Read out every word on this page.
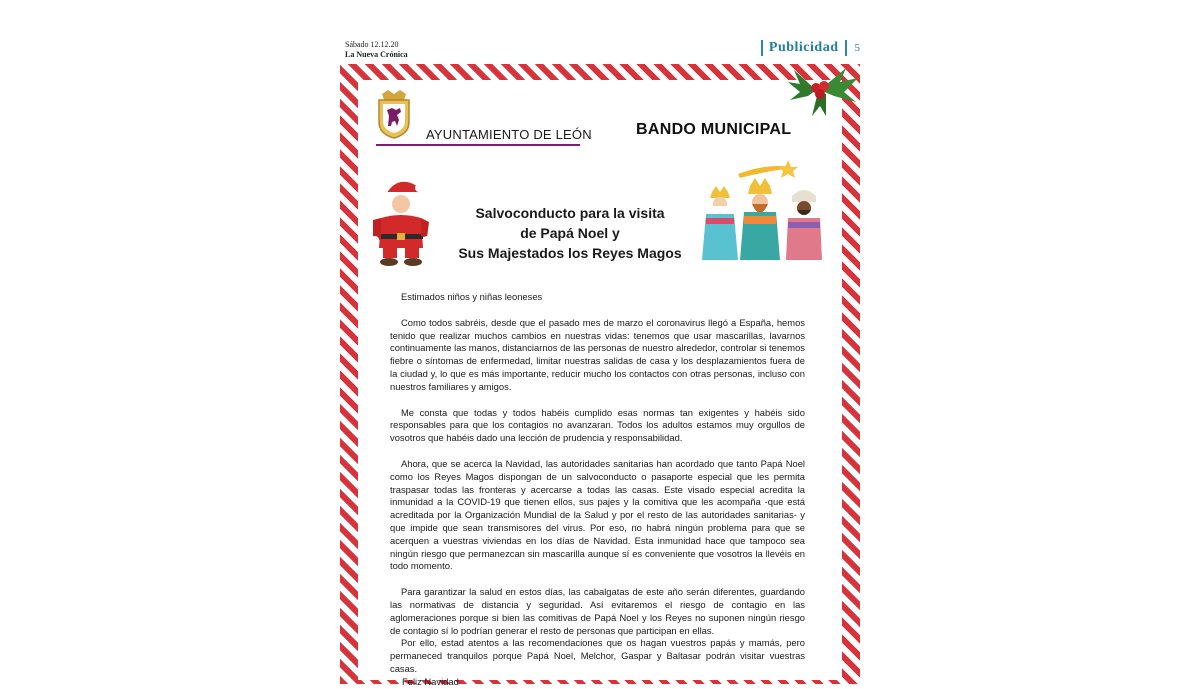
Sábado 12.12.20
La Nueva Crónica	Publicidad 5
AYUNTAMIENTO DE LEÓN	BANDO MUNICIPAL
Salvoconducto para la visita
de Papá Noel y
Sus Majestados los Reyes Magos

Estimados niños y niñas leoneses

Como todos sabréis, desde que el pasado mes de marzo el coronavirus llegó a España, hemos tenido que realizar muchos cambios en nuestras vidas: tenemos que usar mascarillas, lavarnos continuamente las manos, distanciarnos de las personas de nuestro alrededor, controlar si tenemos fiebre o síntomas de enfermedad, limitar nuestras salidas de casa y los desplazamientos fuera de la ciudad y, lo que es más importante, reducir mucho los contactos con otras personas, incluso con nuestros familiares y amigos.

Me consta que todas y todos habéis cumplido esas normas tan exigentes y habéis sido responsables para que los contagios no avanzaran. Todos los adultos estamos muy orgullos de vosotros que habéis dado una lección de prudencia y responsabilidad.

Ahora, que se acerca la Navidad, las autoridades sanitarias han acordado que tanto Papá Noel como los Reyes Magos dispongan de un salvoconducto o pasaporte especial que les permita traspasar todas las fronteras y acercarse a todas las casas. Este visado especial acredita la inmunidad a la COVID-19 que tienen ellos, sus pajes y la comitiva que les acompaña -que está acreditada por la Organización Mundial de la Salud y por el resto de las autoridades sanitarias- y que impide que sean transmisores del virus. Por eso, no habrá ningún problema para que se acerquen a vuestras viviendas en los días de Navidad. Esta inmunidad hace que tampoco sea ningún riesgo que permanezcan sin mascarilla aunque sí es conveniente que vosotros la llevéis en todo momento.

Para garantizar la salud en estos días, las cabalgatas de este año serán diferentes, guardando las normativas de distancia y seguridad. Así evitaremos el riesgo de contagio en las aglomeraciones porque si bien las comitivas de Papá Noel y los Reyes no suponen ningún riesgo de contagio sí lo podrían generar el resto de personas que participan en ellas.

Por ello, estad atentos a las recomendaciones que os hagan vuestros papás y mamás, pero permaneced tranquilos porque Papá Noel, Melchor, Gaspar y Baltasar podrán visitar vuestras casas.

Feliz Navidad
